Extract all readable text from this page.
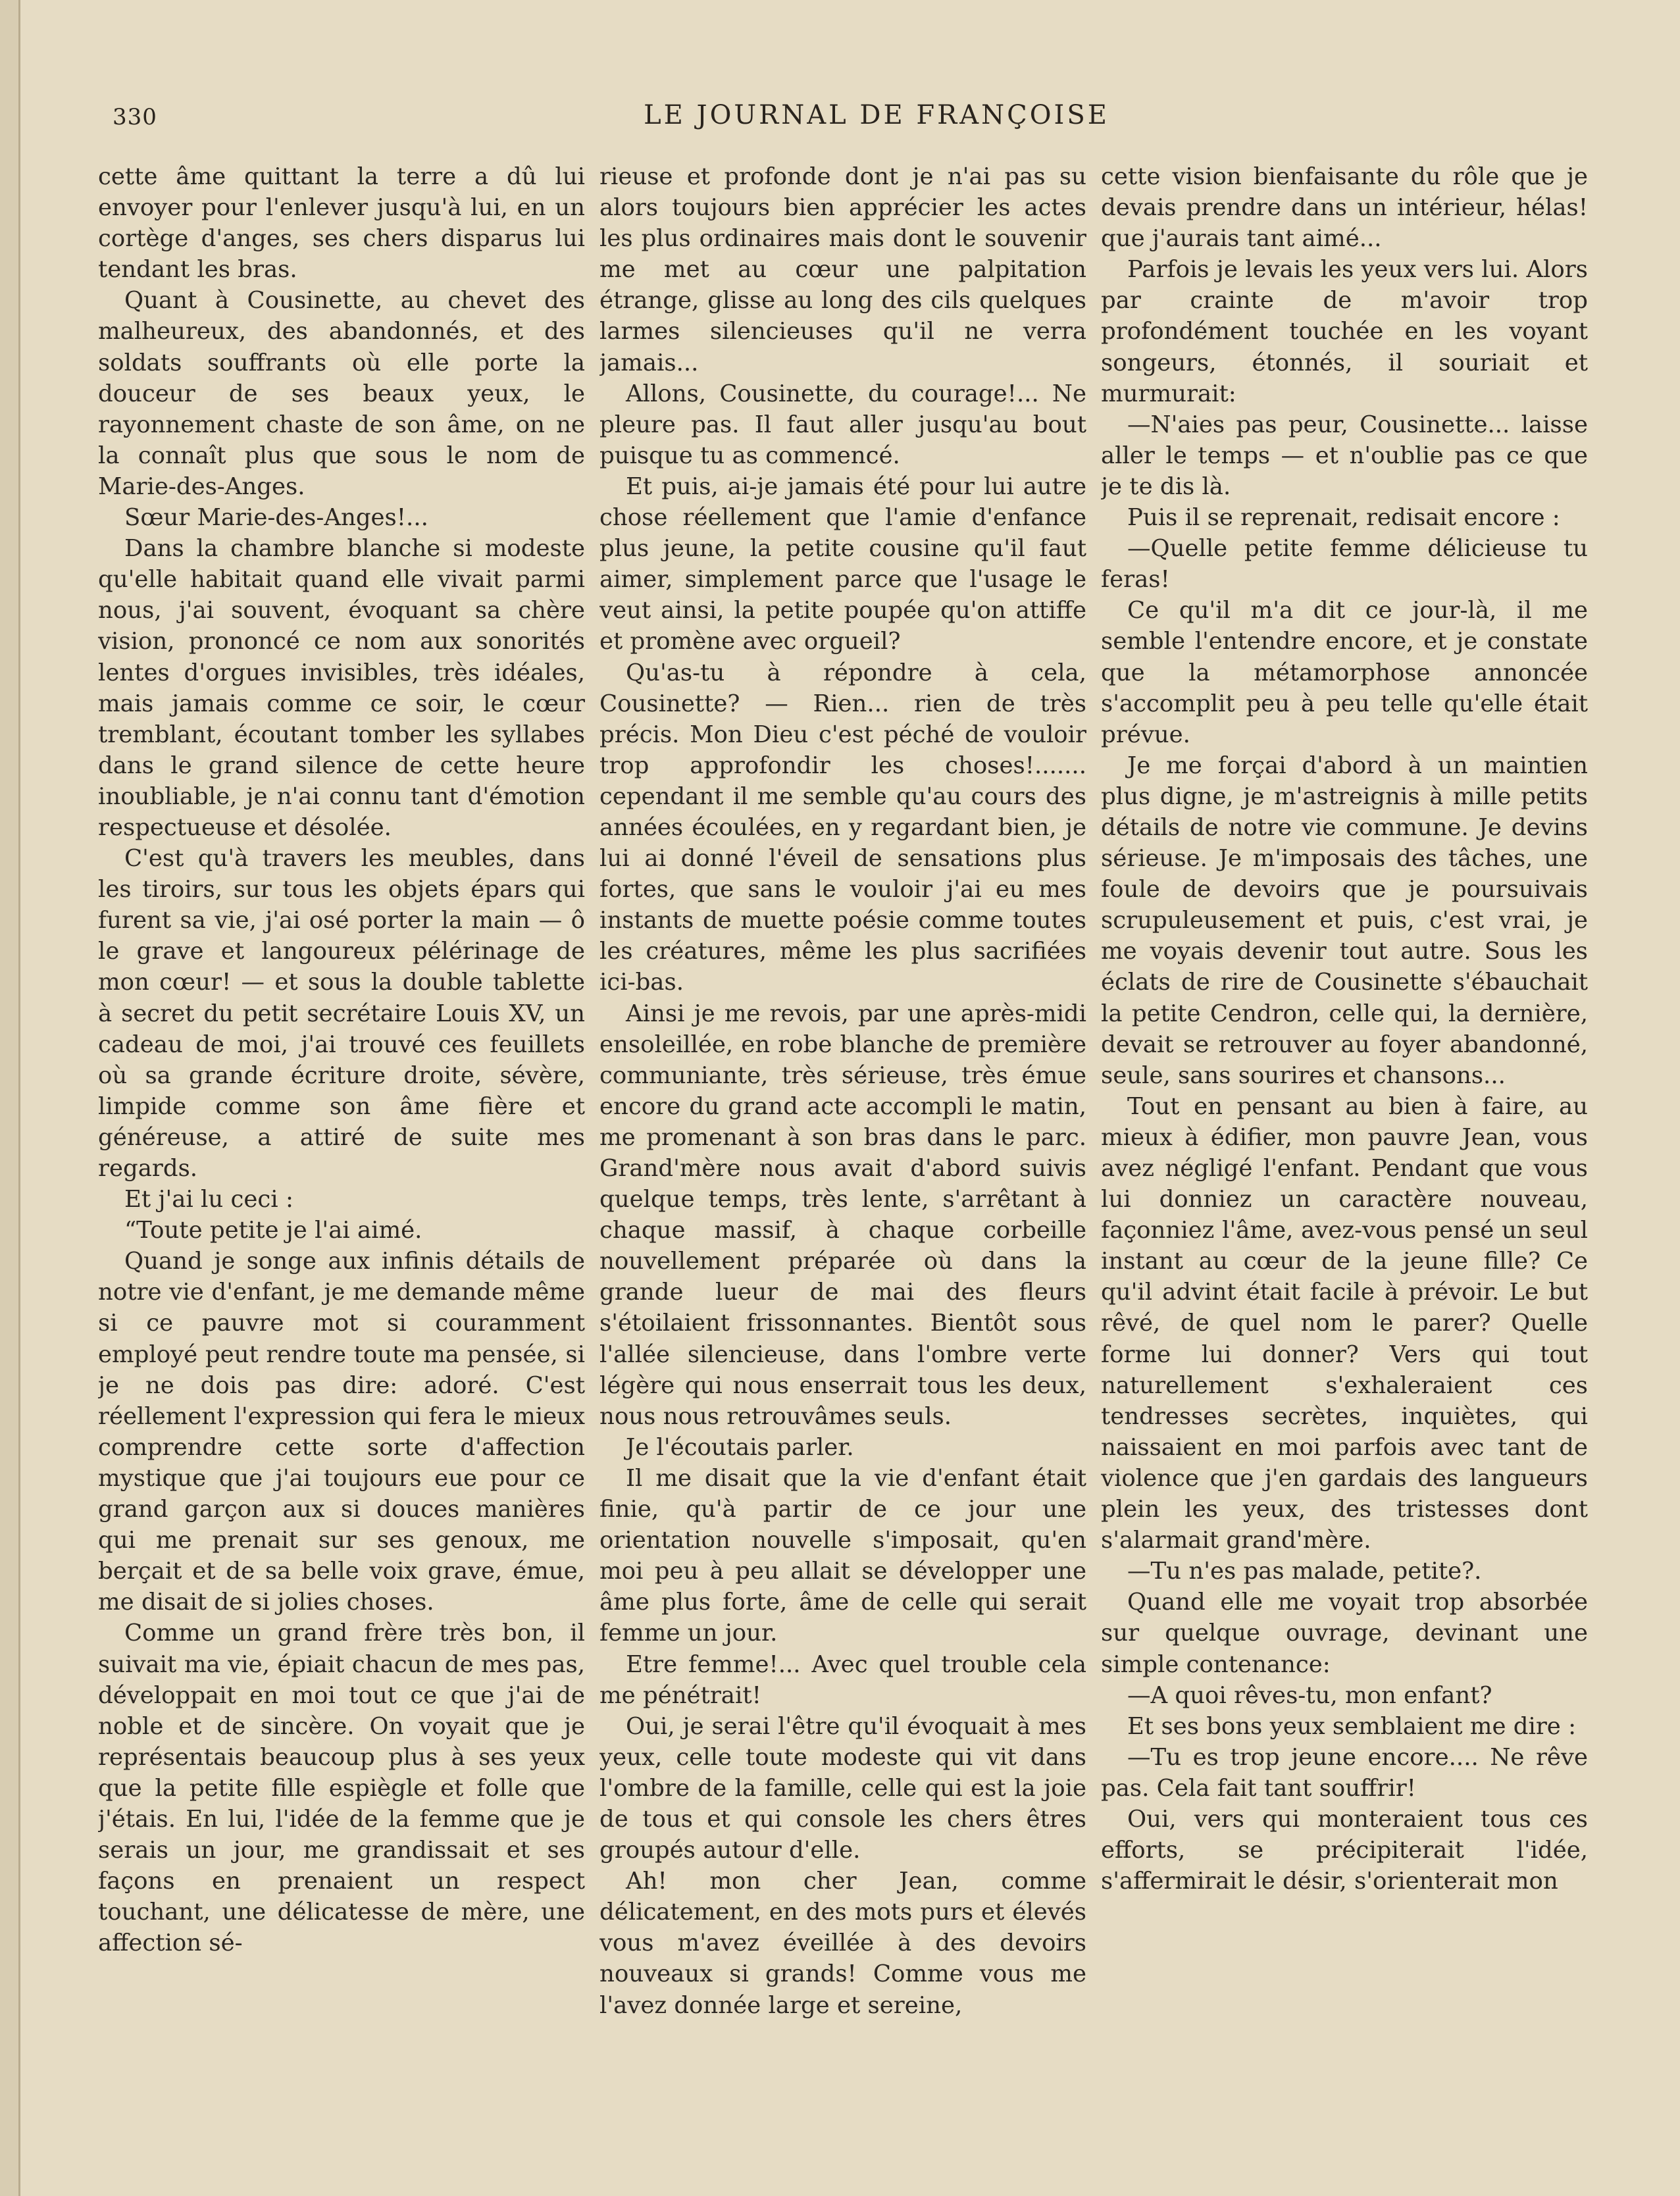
330	LE JOURNAL DE FRANÇOISE

cette âme quittant la terre a dû lui envoyer pour l'enlever jusqu'à lui, en un cortège d'anges, ses chers disparus lui tendant les bras.

Quant à Cousinette, au chevet des malheureux, des abandonnés, et des soldats souffrants où elle porte la douceur de ses beaux yeux, le rayonnement chaste de son âme, on ne la connaît plus que sous le nom de Marie-des-Anges.

Sœur Marie-des-Anges!...

Dans la chambre blanche si modeste qu'elle habitait quand elle vivait parmi nous, j'ai souvent, évoquant sa chère vision, prononcé ce nom aux sonorités lentes d'orgues invisibles, très idéales, mais jamais comme ce soir, le cœur tremblant, écoutant tomber les syllabes dans le grand silence de cette heure inoubliable, je n'ai connu tant d'émotion respectueuse et désolée.

C'est qu'à travers les meubles, dans les tiroirs, sur tous les objets épars qui furent sa vie, j'ai osé porter la main — ô le grave et langoureux pélérinage de mon cœur! — et sous la double tablette à secret du petit secrétaire Louis XV, un cadeau de moi, j'ai trouvé ces feuillets où sa grande écriture droite, sévère, limpide comme son âme fière et généreuse, a attiré de suite mes regards.

Et j'ai lu ceci :

“Toute petite je l'ai aimé.

Quand je songe aux infinis détails de notre vie d'enfant, je me demande même si ce pauvre mot si couramment employé peut rendre toute ma pensée, si je ne dois pas dire: adoré. C'est réellement l'expression qui fera le mieux comprendre cette sorte d'affection mystique que j'ai toujours eue pour ce grand garçon aux si douces manières qui me prenait sur ses genoux, me berçait et de sa belle voix grave, émue, me disait de si jolies choses.

Comme un grand frère très bon, il suivait ma vie, épiait chacun de mes pas, développait en moi tout ce que j'ai de noble et de sincère. On voyait que je représentais beaucoup plus à ses yeux que la petite fille espiègle et folle que j'étais. En lui, l'idée de la femme que je serais un jour, me grandissait et ses façons en prenaient un respect touchant, une délicatesse de mère, une affection sé-

rieuse et profonde dont je n'ai pas su alors toujours bien apprécier les actes les plus ordinaires mais dont le souvenir me met au cœur une palpitation étrange, glisse au long des cils quelques larmes silencieuses qu'il ne verra jamais...

Allons, Cousinette, du courage!... Ne pleure pas. Il faut aller jusqu'au bout puisque tu as commencé.

Et puis, ai-je jamais été pour lui autre chose réellement que l'amie d'enfance plus jeune, la petite cousine qu'il faut aimer, simplement parce que l'usage le veut ainsi, la petite poupée qu'on attiffe et promène avec orgueil?

Qu'as-tu à répondre à cela, Cousinette? — Rien... rien de très précis. Mon Dieu c'est péché de vouloir trop approfondir les choses!....... cependant il me semble qu'au cours des années écoulées, en y regardant bien, je lui ai donné l'éveil de sensations plus fortes, que sans le vouloir j'ai eu mes instants de muette poésie comme toutes les créatures, même les plus sacrifiées ici-bas.

Ainsi je me revois, par une après-midi ensoleillée, en robe blanche de première communiante, très sérieuse, très émue encore du grand acte accompli le matin, me promenant à son bras dans le parc. Grand'mère nous avait d'abord suivis quelque temps, très lente, s'arrêtant à chaque massif, à chaque corbeille nouvellement préparée où dans la grande lueur de mai des fleurs s'étoilaient frissonnantes. Bientôt sous l'allée silencieuse, dans l'ombre verte légère qui nous enserrait tous les deux, nous nous retrouvâmes seuls.

Je l'écoutais parler.

Il me disait que la vie d'enfant était finie, qu'à partir de ce jour une orientation nouvelle s'imposait, qu'en moi peu à peu allait se développer une âme plus forte, âme de celle qui serait femme un jour.

Etre femme!... Avec quel trouble cela me pénétrait!

Oui, je serai l'être qu'il évoquait à mes yeux, celle toute modeste qui vit dans l'ombre de la famille, celle qui est la joie de tous et qui console les chers êtres groupés autour d'elle.

Ah! mon cher Jean, comme délicatement, en des mots purs et élevés vous m'avez éveillée à des devoirs nouveaux si grands! Comme vous me l'avez donnée large et sereine,

cette vision bienfaisante du rôle que je devais prendre dans un intérieur, hélas! que j'aurais tant aimé...

Parfois je levais les yeux vers lui. Alors par crainte de m'avoir trop profondément touchée en les voyant songeurs, étonnés, il souriait et murmurait:

—N'aies pas peur, Cousinette... laisse aller le temps — et n'oublie pas ce que je te dis là.

Puis il se reprenait, redisait encore :

—Quelle petite femme délicieuse tu feras!

Ce qu'il m'a dit ce jour-là, il me semble l'entendre encore, et je constate que la métamorphose annoncée s'accomplit peu à peu telle qu'elle était prévue.

Je me forçai d'abord à un maintien plus digne, je m'astreignis à mille petits détails de notre vie commune. Je devins sérieuse. Je m'imposais des tâches, une foule de devoirs que je poursuivais scrupuleusement et puis, c'est vrai, je me voyais devenir tout autre. Sous les éclats de rire de Cousinette s'ébauchait la petite Cendron, celle qui, la dernière, devait se retrouver au foyer abandonné, seule, sans sourires et chansons...

Tout en pensant au bien à faire, au mieux à édifier, mon pauvre Jean, vous avez négligé l'enfant. Pendant que vous lui donniez un caractère nouveau, façonniez l'âme, avez-vous pensé un seul instant au cœur de la jeune fille? Ce qu'il advint était facile à prévoir. Le but rêvé, de quel nom le parer? Quelle forme lui donner? Vers qui tout naturellement s'exhaleraient ces tendresses secrètes, inquiètes, qui naissaient en moi parfois avec tant de violence que j'en gardais des langueurs plein les yeux, des tristesses dont s'alarmait grand'mère.

—Tu n'es pas malade, petite?.

Quand elle me voyait trop absorbée sur quelque ouvrage, devinant une simple contenance:

—A quoi rêves-tu, mon enfant?

Et ses bons yeux semblaient me dire :

—Tu es trop jeune encore.... Ne rêve pas. Cela fait tant souffrir!

Oui, vers qui monteraient tous ces efforts, se précipiterait l'idée, s'affermirait le désir, s'orienterait mon
